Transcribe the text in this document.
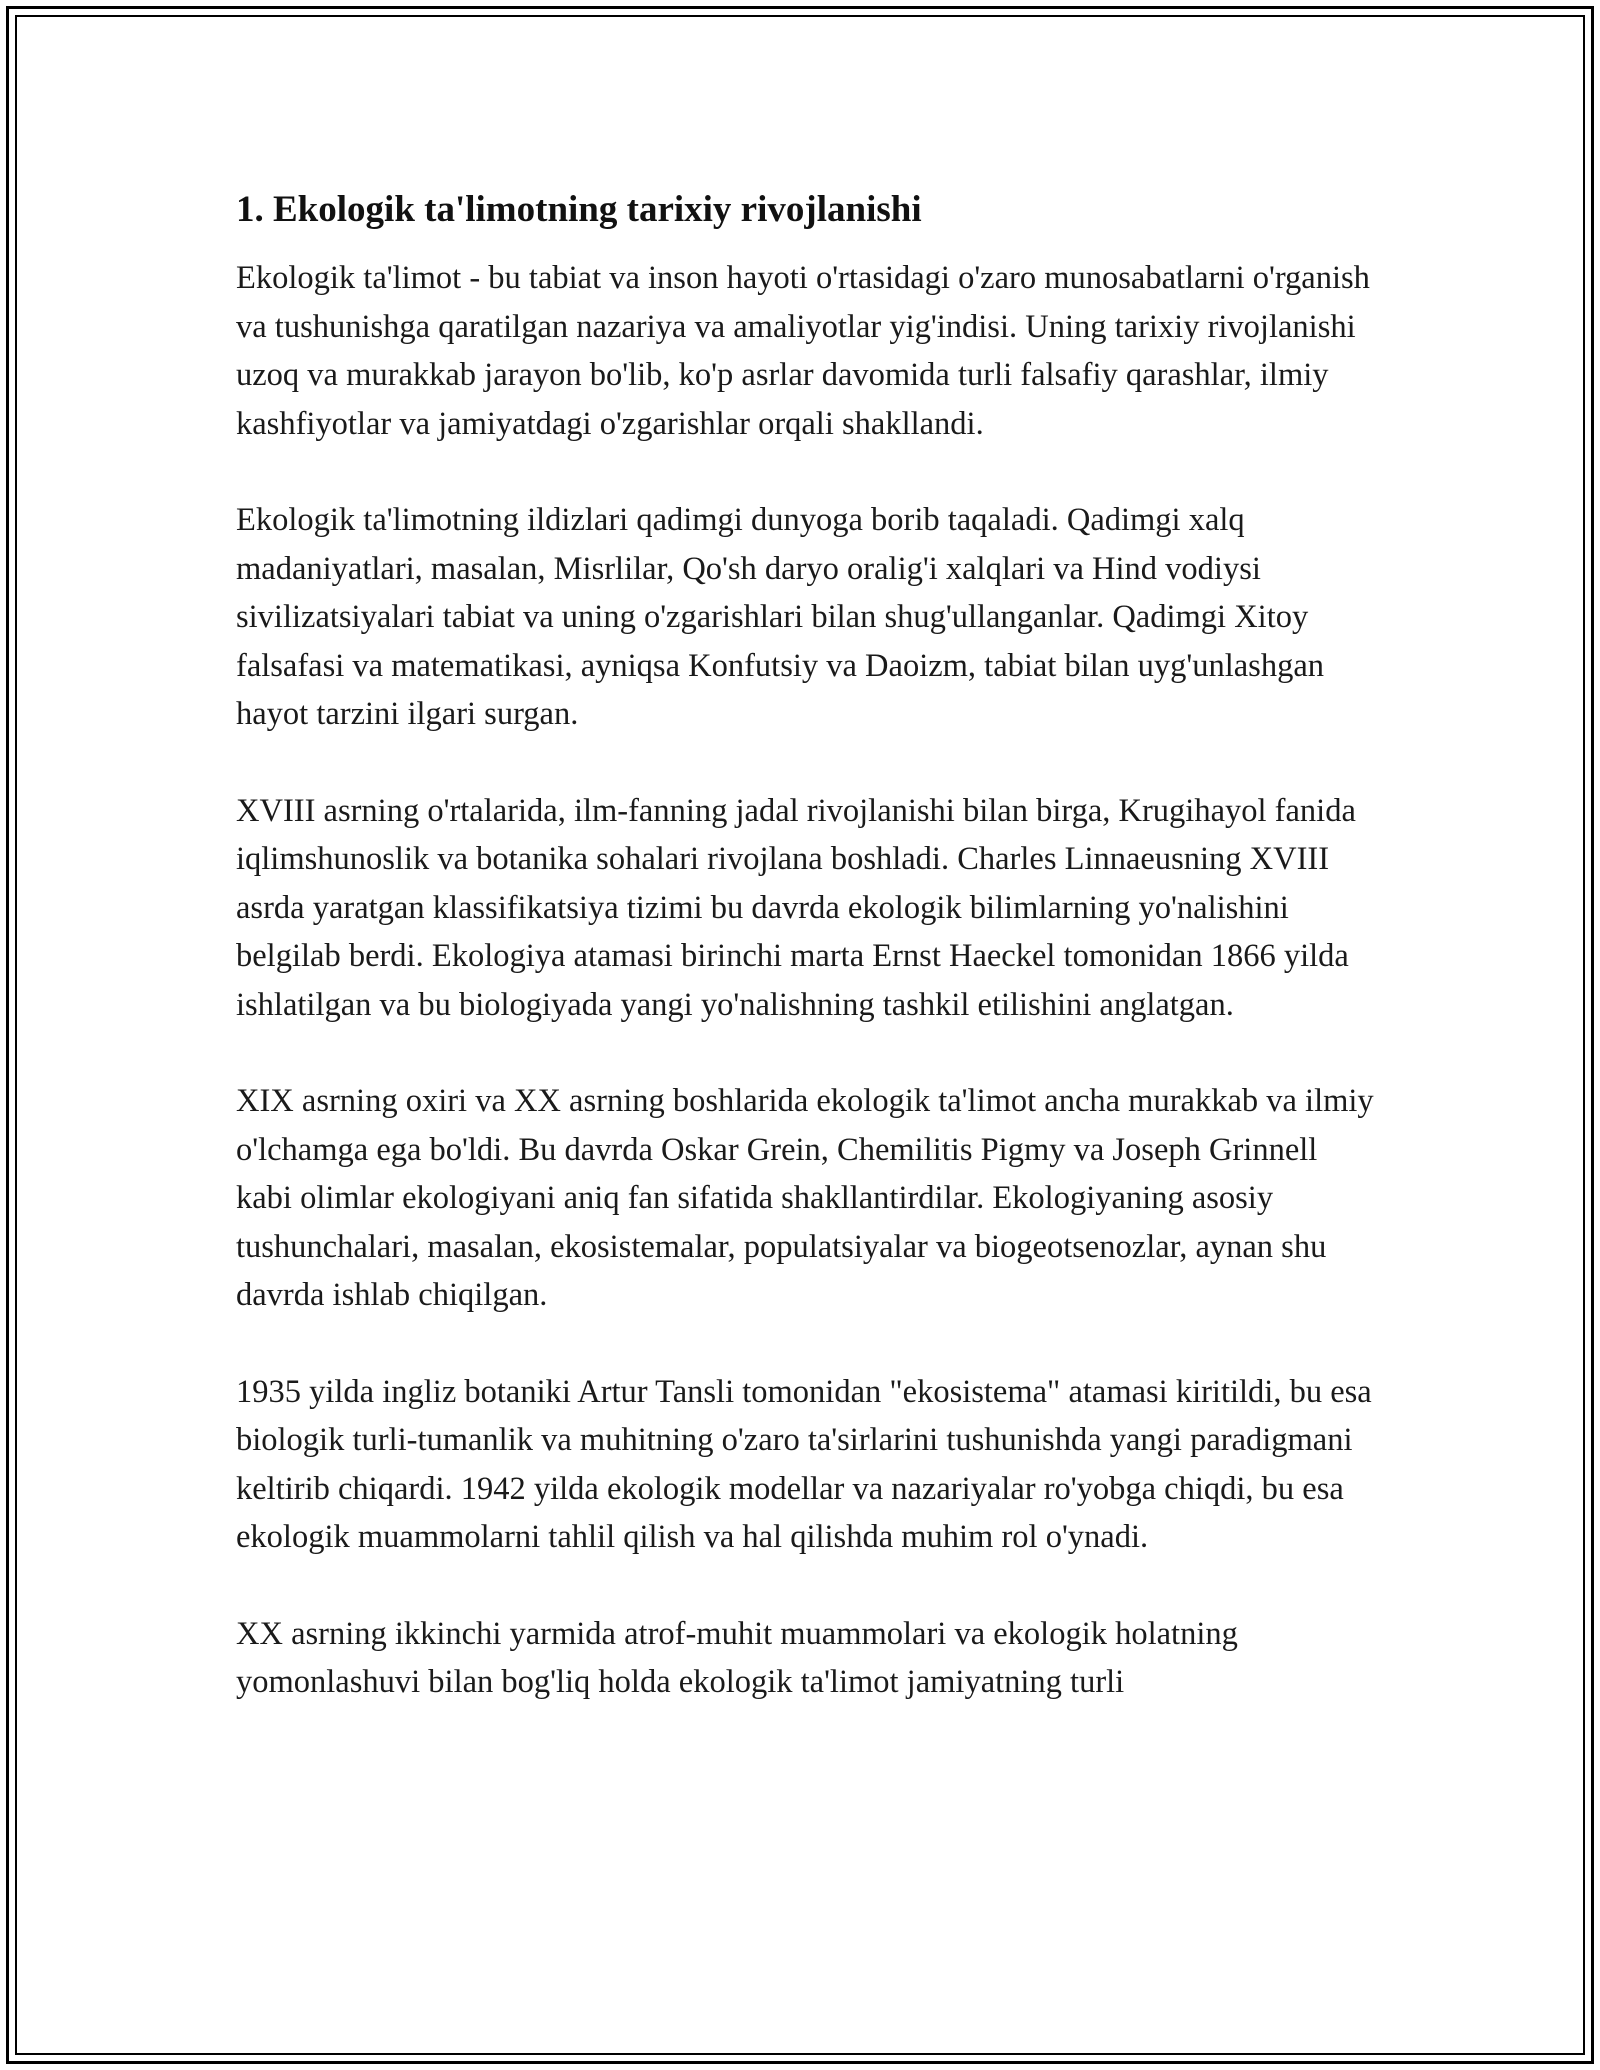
1. Ekologik ta'limotning tarixiy rivojlanishi

Ekologik ta'limot - bu tabiat va inson hayoti o'rtasidagi o'zaro munosabatlarni o'rganish va tushunishga qaratilgan nazariya va amaliyotlar yig'indisi. Uning tarixiy rivojlanishi uzoq va murakkab jarayon bo'lib, ko'p asrlar davomida turli falsafiy qarashlar, ilmiy kashfiyotlar va jamiyatdagi o'zgarishlar orqali shakllandi.

Ekologik ta'limotning ildizlari qadimgi dunyoga borib taqaladi. Qadimgi xalq madaniyatlari, masalan, Misrlilar, Qo'sh daryo oralig'i xalqlari va Hind vodiysi sivilizatsiyalari tabiat va uning o'zgarishlari bilan shug'ullanganlar. Qadimgi Xitoy falsafasi va matematikasi, ayniqsa Konfutsiy va Daoizm, tabiat bilan uyg'unlashgan hayot tarzini ilgari surgan.

XVIII asrning o'rtalarida, ilm-fanning jadal rivojlanishi bilan birga, Krugihayol fanida iqlimshunoslik va botanika sohalari rivojlana boshladi. Charles Linnaeusning XVIII asrda yaratgan klassifikatsiya tizimi bu davrda ekologik bilimlarning yo'nalishini belgilab berdi. Ekologiya atamasi birinchi marta Ernst Haeckel tomonidan 1866 yilda ishlatilgan va bu biologiyada yangi yo'nalishning tashkil etilishini anglatgan.

XIX asrning oxiri va XX asrning boshlarida ekologik ta'limot ancha murakkab va ilmiy o'lchamga ega bo'ldi. Bu davrda Oskar Grein, Chemilitis Pigmy va Joseph Grinnell kabi olimlar ekologiyani aniq fan sifatida shakllantirdilar. Ekologiyaning asosiy tushunchalari, masalan, ekosistemalar, populatsiyalar va biogeotsenozlar, aynan shu davrda ishlab chiqilgan.

1935 yilda ingliz botaniki Artur Tansli tomonidan "ekosistema" atamasi kiritildi, bu esa biologik turli-tumanlik va muhitning o'zaro ta'sirlarini tushunishda yangi paradigmani keltirib chiqardi. 1942 yilda ekologik modellar va nazariyalar ro'yobga chiqdi, bu esa ekologik muammolarni tahlil qilish va hal qilishda muhim rol o'ynadi.

XX asrning ikkinchi yarmida atrof-muhit muammolari va ekologik holatning yomonlashuvi bilan bog'liq holda ekologik ta'limot jamiyatning turli
